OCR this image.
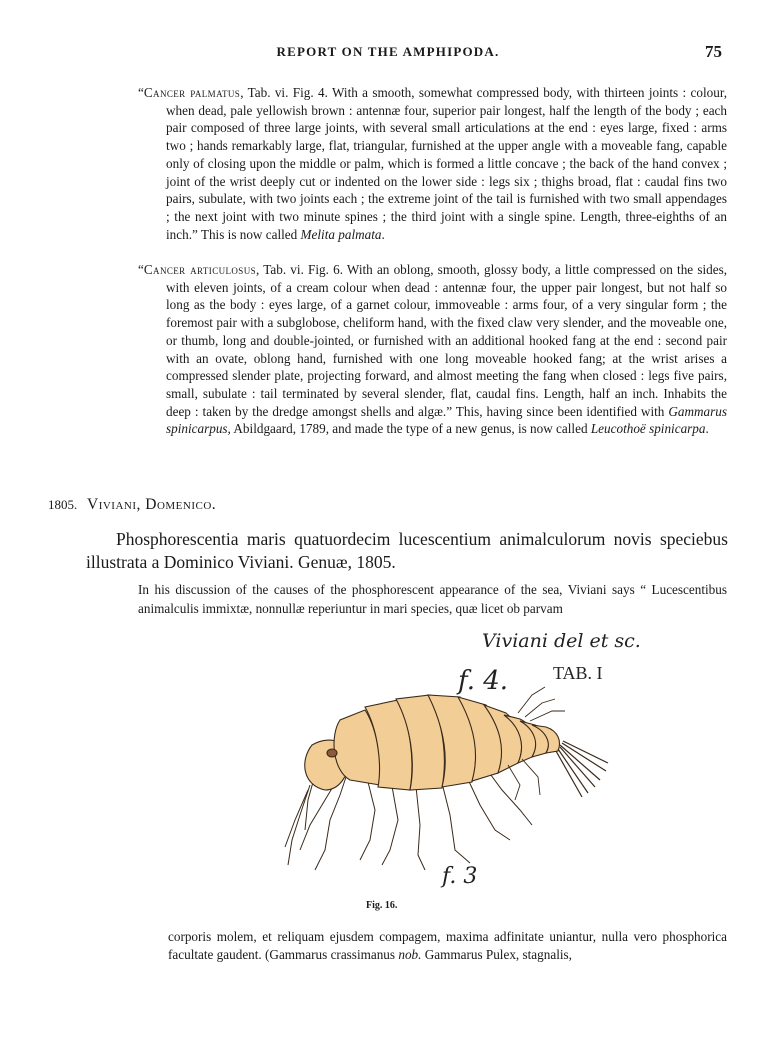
REPORT ON THE AMPHIPODA.	75

“Cancer palmatus, Tab. vi. Fig. 4. With a smooth, somewhat compressed body, with thirteen joints : colour, when dead, pale yellowish brown : antennæ four, superior pair longest, half the length of the body ; each pair composed of three large joints, with several small articulations at the end : eyes large, fixed : arms two ; hands remarkably large, flat, triangular, furnished at the upper angle with a moveable fang, capable only of closing upon the middle or palm, which is formed a little concave ; the back of the hand convex ; joint of the wrist deeply cut or indented on the lower side : legs six ; thighs broad, flat : caudal fins two pairs, subulate, with two joints each ; the extreme joint of the tail is furnished with two small appendages ; the next joint with two minute spines ; the third joint with a single spine. Length, three-eighths of an inch.” This is now called Melita palmata.

“Cancer articulosus, Tab. vi. Fig. 6. With an oblong, smooth, glossy body, a little compressed on the sides, with eleven joints, of a cream colour when dead : antennæ four, the upper pair longest, but not half so long as the body : eyes large, of a garnet colour, immoveable : arms four, of a very singular form ; the foremost pair with a subglobose, cheliform hand, with the fixed claw very slender, and the moveable one, or thumb, long and double-jointed, or furnished with an additional hooked fang at the end : second pair with an ovate, oblong hand, furnished with one long moveable hooked fang; at the wrist arises a compressed slender plate, projecting forward, and almost meeting the fang when closed : legs five pairs, small, subulate : tail terminated by several slender, flat, caudal fins. Length, half an inch. Inhabits the deep : taken by the dredge amongst shells and algæ.” This, having since been identified with Gammarus spinicarpus, Abildgaard, 1789, and made the type of a new genus, is now called Leucothoë spinicarpa.

1805. Viviani, Domenico.
Phosphorescentia maris quatuordecim lucescentium animalculorum novis speciebus illustrata a Dominico Viviani. Genuæ, 1805.
In his discussion of the causes of the phosphorescent appearance of the sea, Viviani says “ Lucescentibus animalculis immixtæ, nonnullæ reperiuntur in mari species, quæ licet ob parvam
Viviani del et sc.
f. 4. TAB. I
f. 3
Fig. 16.
corporis molem, et reliquam ejusdem compagem, maxima adfinitate uniantur, nulla vero phosphorica facultate gaudent. (Gammarus crassimanus nob. Gammarus Pulex, stagnalis,
